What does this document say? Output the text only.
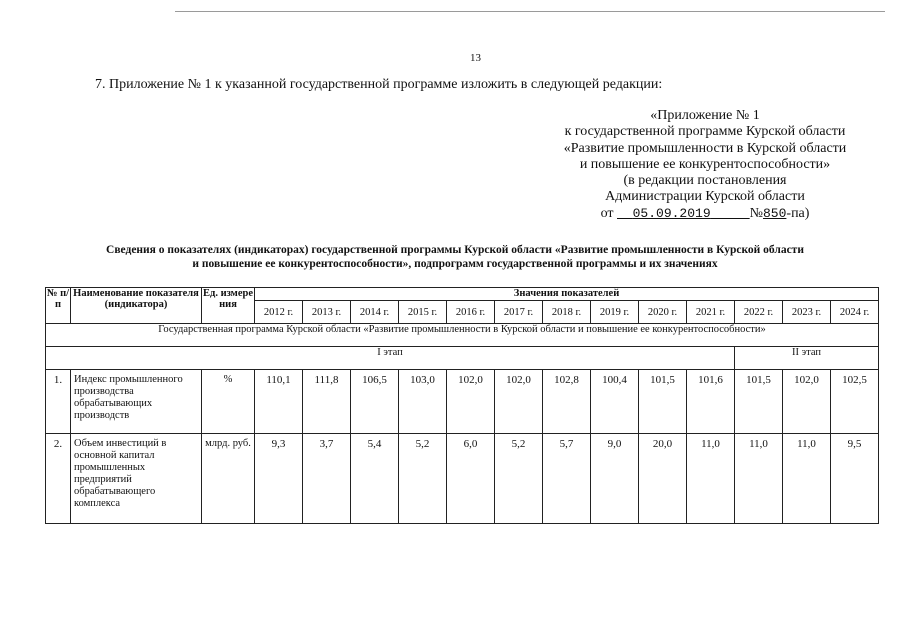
13
7. Приложение № 1 к указанной государственной программе изложить в следующей редакции:
«Приложение № 1
к государственной программе Курской области
«Развитие промышленности в Курской области
и повышение ее конкурентоспособности»
(в редакции постановления
Администрации Курской области
от 05.09.2019	№850-па)
Сведения о показателях (индикаторах) государственной программы Курской области «Развитие промышленности в Курской области
и повышение ее конкурентоспособности», подпрограмм государственной программы и их значениях
№ п/п	Наименование показателя (индикатора)	Ед. измере ния	Значения показателей												
			2012 г.	2013 г.	2014 г.	2015 г.	2016 г.	2017 г.	2018 г.	2019 г.	2020 г.	2021 г.	2022 г.	2023 г.	2024 г.
Государственная программа Курской области «Развитие промышленности в Курской области и повышение ее конкурентоспособности»															
I этап													II этап		
1.	Индекс промышленного производства обрабатывающих производств	%	110,1	111,8	106,5	103,0	102,0	102,0	102,8	100,4	101,5	101,6	101,5	102,0	102,5
2.	Объем инвестиций в основной капитал промышленных предприятий обрабатывающего комплекса	млрд. руб.	9,3	3,7	5,4	5,2	6,0	5,2	5,7	9,0	20,0	11,0	11,0	11,0	9,5
